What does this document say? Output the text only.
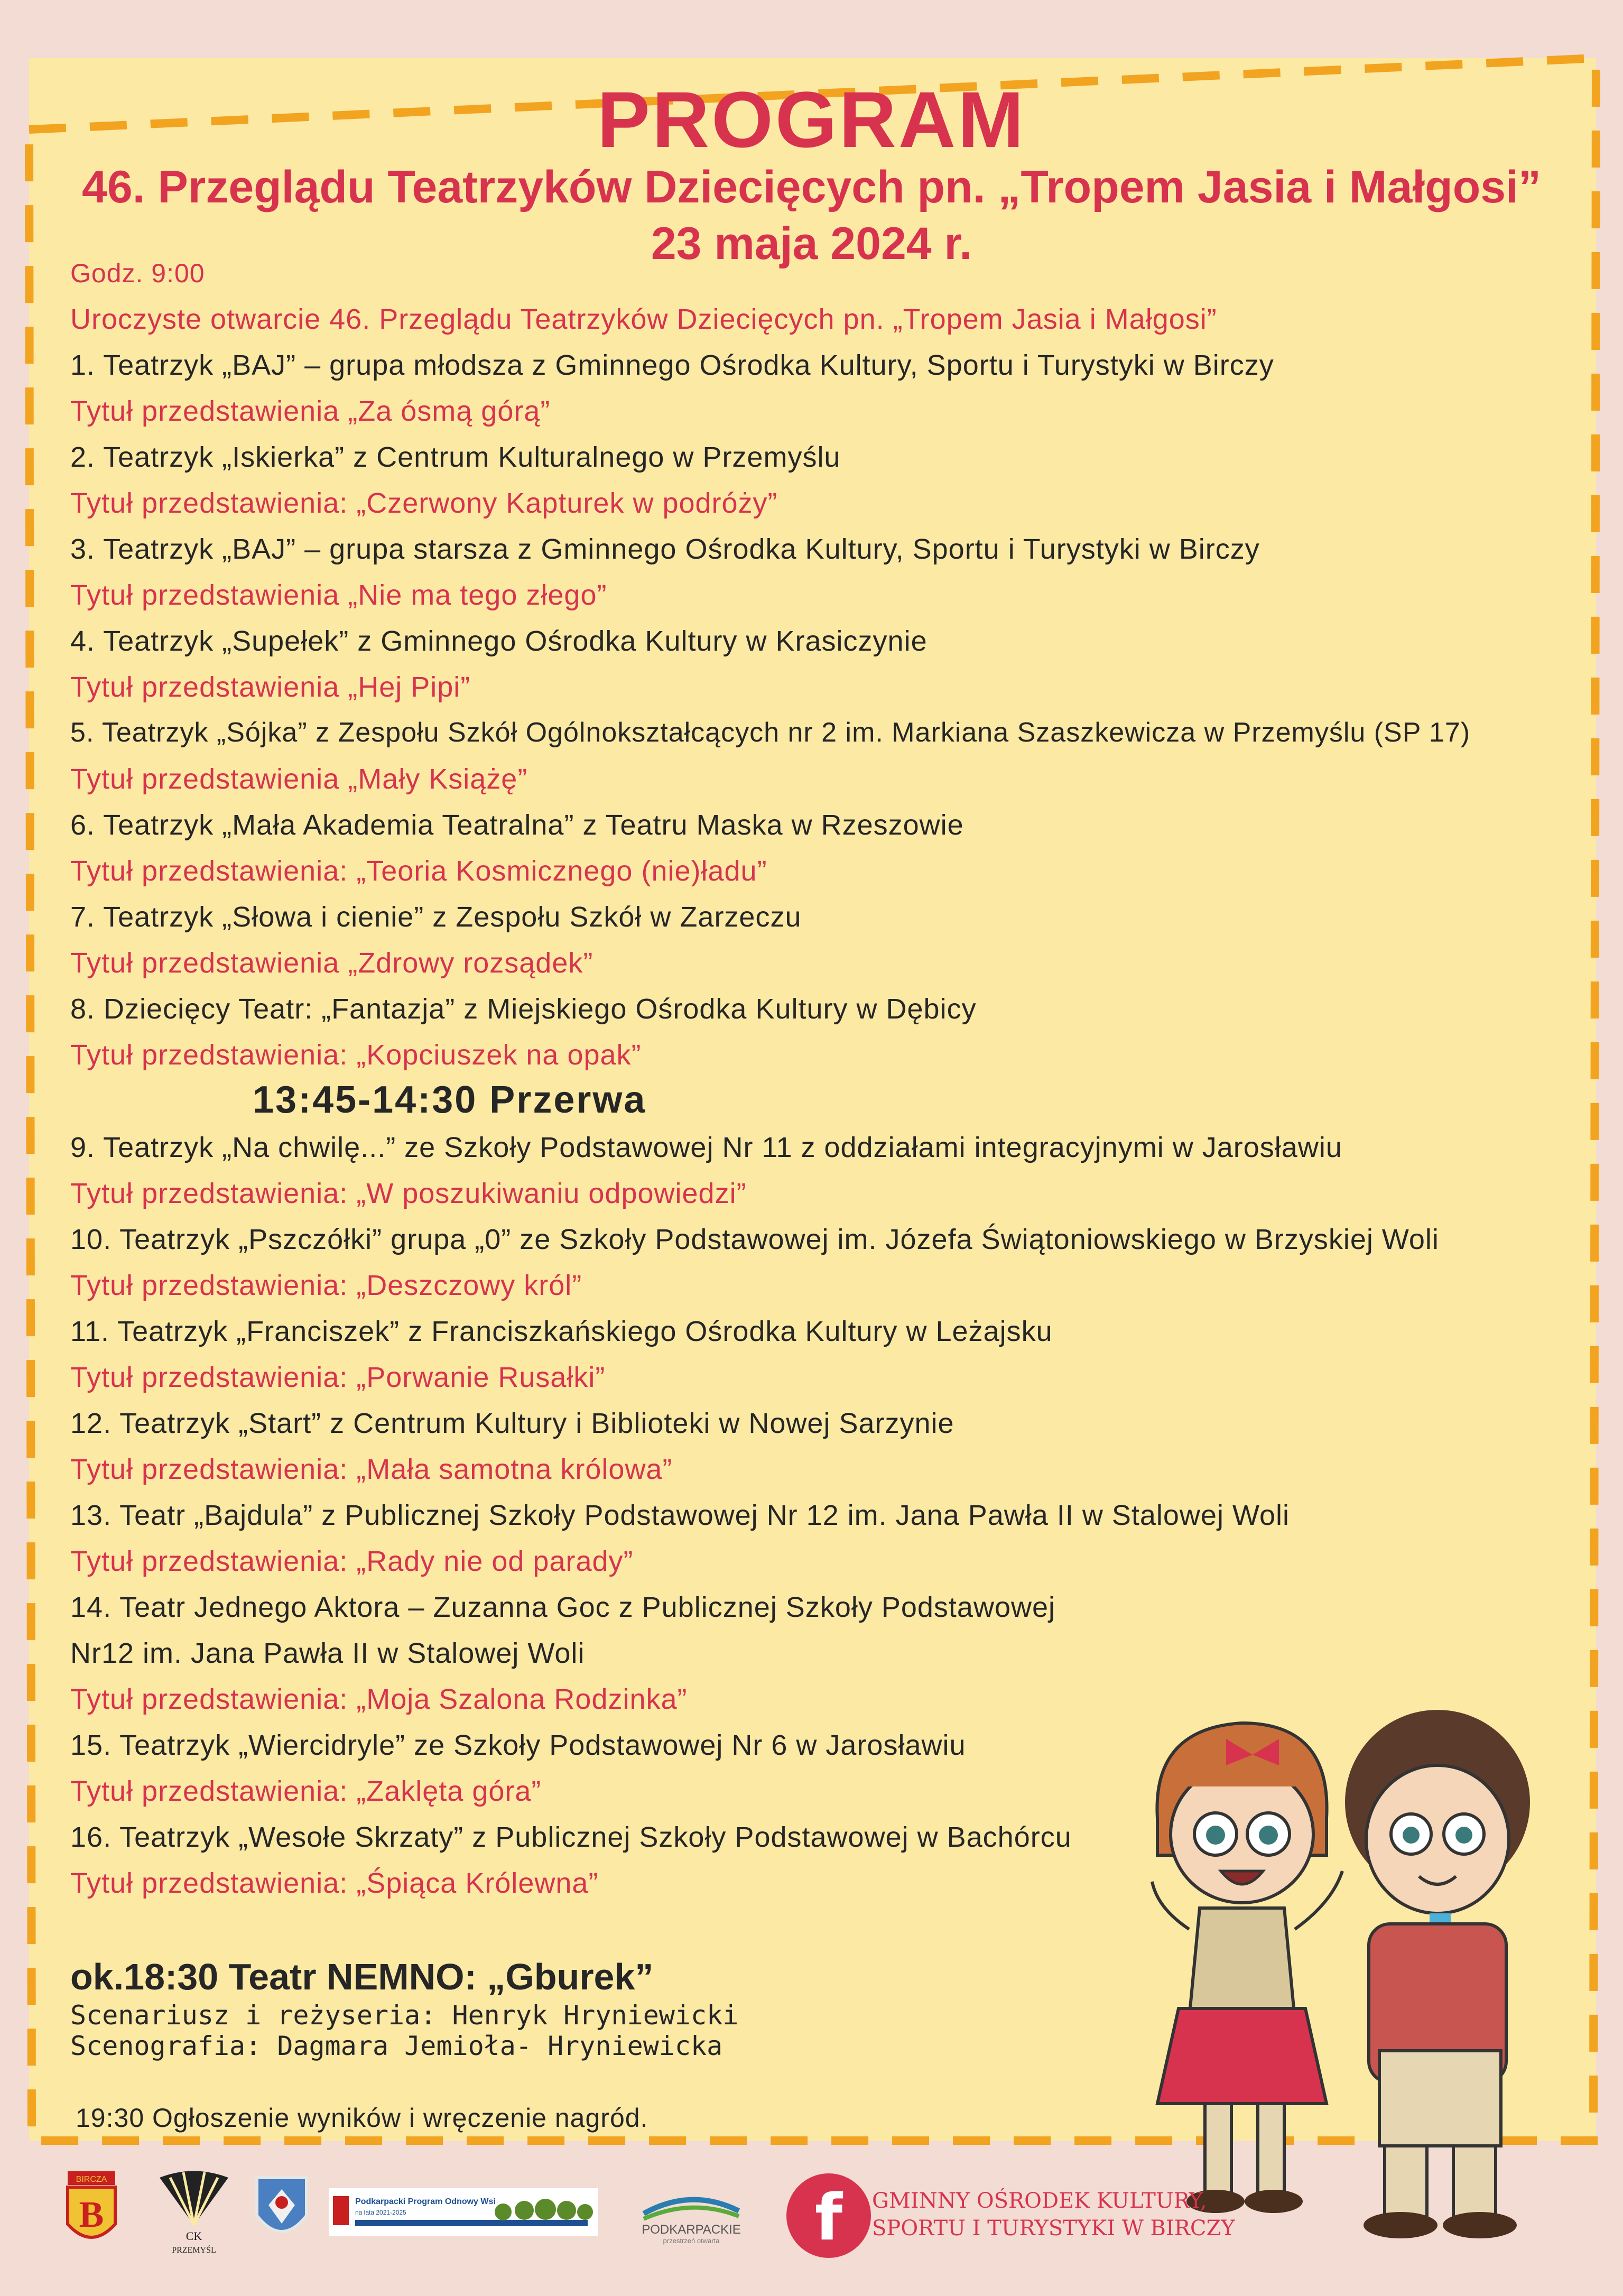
PROGRAM
46. Przeglądu Teatrzyków Dziecięcych pn. „Tropem Jasia i Małgosi”
23 maja 2024 r.
Godz. 9:00
Uroczyste otwarcie 46. Przeglądu Teatrzyków Dziecięcych pn. „Tropem Jasia i Małgosi”
1. Teatrzyk „BAJ” – grupa młodsza z Gminnego Ośrodka Kultury, Sportu i Turystyki w Birczy
Tytuł przedstawienia „Za ósmą górą”
2. Teatrzyk „Iskierka” z Centrum Kulturalnego w Przemyślu
Tytuł przedstawienia: „Czerwony Kapturek w podróży”
3. Teatrzyk „BAJ” – grupa starsza z Gminnego Ośrodka Kultury, Sportu i Turystyki w Birczy
Tytuł przedstawienia „Nie ma tego złego”
4. Teatrzyk „Supełek” z Gminnego Ośrodka Kultury w Krasiczynie
Tytuł przedstawienia „Hej Pipi”
5. Teatrzyk „Sójka” z Zespołu Szkół Ogólnokształcących nr 2 im. Markiana Szaszkewicza w Przemyślu (SP 17)
Tytuł przedstawienia „Mały Książę”
6. Teatrzyk „Mała Akademia Teatralna” z Teatru Maska w Rzeszowie
Tytuł przedstawienia: „Teoria Kosmicznego (nie)ładu”
7. Teatrzyk „Słowa i cienie” z Zespołu Szkół w Zarzeczu
Tytuł przedstawienia „Zdrowy rozsądek”
8. Dziecięcy Teatr: „Fantazja” z Miejskiego Ośrodka Kultury w Dębicy
Tytuł przedstawienia: „Kopciuszek na opak”
13:45-14:30 Przerwa
9. Teatrzyk „Na chwilę...” ze Szkoły Podstawowej Nr 11 z oddziałami integracyjnymi w Jarosławiu
Tytuł przedstawienia: „W poszukiwaniu odpowiedzi”
10. Teatrzyk „Pszczółki” grupa „0” ze Szkoły Podstawowej im. Józefa Świątoniowskiego w Brzyskiej Woli
Tytuł przedstawienia: „Deszczowy król”
11. Teatrzyk „Franciszek” z Franciszkańskiego Ośrodka Kultury w Leżajsku
Tytuł przedstawienia: „Porwanie Rusałki”
12. Teatrzyk „Start” z Centrum Kultury i Biblioteki w Nowej Sarzynie
Tytuł przedstawienia: „Mała samotna królowa”
13. Teatr „Bajdula” z Publicznej Szkoły Podstawowej Nr 12 im. Jana Pawła II w Stalowej Woli
Tytuł przedstawienia: „Rady nie od parady”
14. Teatr Jednego Aktora – Zuzanna Goc z Publicznej Szkoły Podstawowej
Nr12 im. Jana Pawła II w Stalowej Woli
Tytuł przedstawienia: „Moja Szalona Rodzinka”
15. Teatrzyk „Wiercidryle” ze Szkoły Podstawowej Nr 6 w Jarosławiu
Tytuł przedstawienia: „Zaklęta góra”
16. Teatrzyk „Wesołe Skrzaty” z Publicznej Szkoły Podstawowej w Bachórcu
Tytuł przedstawienia: „Śpiąca Królewna”
ok.18:30 Teatr NEMNO: „Gburek”
Scenariusz i reżyseria: Henryk Hryniewicki
Scenografia: Dagmara Jemioła- Hryniewicka
19:30 Ogłoszenie wyników i wręczenie nagród.
BIRCZA
B
CK
PRZEMYŚL
Podkarpacki Program Odnowy Wsi
na lata 2021-2025
PODKARPACKIE
przestrzeń otwarta	f	GMINNY OŚRODEK KULTURY,
SPORTU I TURYSTYKI W BIRCZY
